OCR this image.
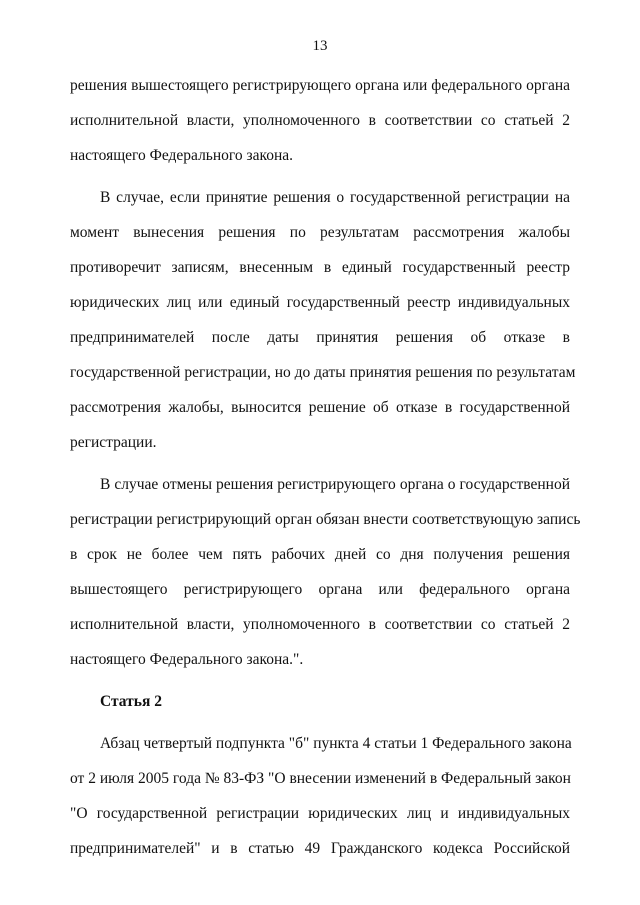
13
решения вышестоящего регистрирующего органа или федерального органа
исполнительной власти, уполномоченного в соответствии со статьей 2
настоящего Федерального закона.
В случае, если принятие решения о государственной регистрации на
момент вынесения решения по результатам рассмотрения жалобы
противоречит записям, внесенным в единый государственный реестр
юридических лиц или единый государственный реестр индивидуальных
предпринимателей после даты принятия решения об отказе в
государственной регистрации, но до даты принятия решения по результатам
рассмотрения жалобы, выносится решение об отказе в государственной
регистрации.
В случае отмены решения регистрирующего органа о государственной
регистрации регистрирующий орган обязан внести соответствующую запись
в срок не более чем пять рабочих дней со дня получения решения
вышестоящего регистрирующего органа или федерального органа
исполнительной власти, уполномоченного в соответствии со статьей 2
настоящего Федерального закона.".
Статья 2
Абзац четвертый подпункта "б" пункта 4 статьи 1 Федерального закона
от 2 июля 2005 года № 83-ФЗ "О внесении изменений в Федеральный закон
"О государственной регистрации юридических лиц и индивидуальных
предпринимателей" и в статью 49 Гражданского кодекса Российской
